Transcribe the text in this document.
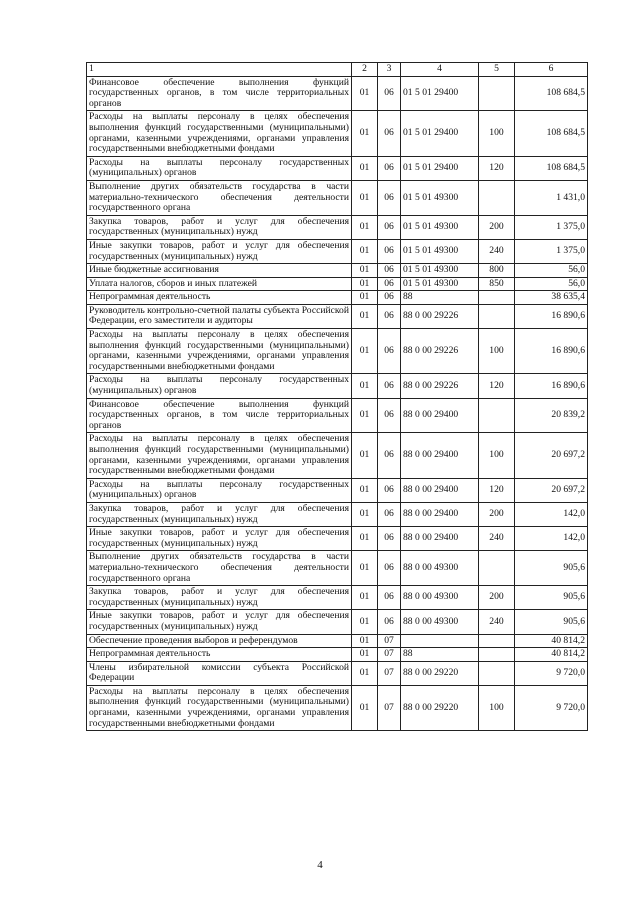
1	2	3	4	5	6
Финансовое обеспечение выполнения функций государственных органов, в том числе территориальных органов	01	06	01 5 01 29400		108 684,5
Расходы на выплаты персоналу в целях обеспечения выполнения функций государственными (муниципальными) органами, казенными учреждениями, органами управления государственными внебюджетными фондами	01	06	01 5 01 29400	100	108 684,5
Расходы на выплаты персоналу государственных (муниципальных) органов	01	06	01 5 01 29400	120	108 684,5
Выполнение других обязательств государства в части материально-технического обеспечения деятельности государственного органа	01	06	01 5 01 49300		1 431,0
Закупка товаров, работ и услуг для обеспечения государственных (муниципальных) нужд	01	06	01 5 01 49300	200	1 375,0
Иные закупки товаров, работ и услуг для обеспечения государственных (муниципальных) нужд	01	06	01 5 01 49300	240	1 375,0
Иные бюджетные ассигнования	01	06	01 5 01 49300	800	56,0
Уплата налогов, сборов и иных платежей	01	06	01 5 01 49300	850	56,0
Непрограммная деятельность	01	06	88		38 635,4
Руководитель контрольно-счетной палаты субъекта Российской Федерации, его заместители и аудиторы	01	06	88 0 00 29226		16 890,6
Расходы на выплаты персоналу в целях обеспечения выполнения функций государственными (муниципальными) органами, казенными учреждениями, органами управления государственными внебюджетными фондами	01	06	88 0 00 29226	100	16 890,6
Расходы на выплаты персоналу государственных (муниципальных) органов	01	06	88 0 00 29226	120	16 890,6
Финансовое обеспечение выполнения функций государственных органов, в том числе территориальных органов	01	06	88 0 00 29400		20 839,2
Расходы на выплаты персоналу в целях обеспечения выполнения функций государственными (муниципальными) органами, казенными учреждениями, органами управления государственными внебюджетными фондами	01	06	88 0 00 29400	100	20 697,2
Расходы на выплаты персоналу государственных (муниципальных) органов	01	06	88 0 00 29400	120	20 697,2
Закупка товаров, работ и услуг для обеспечения государственных (муниципальных) нужд	01	06	88 0 00 29400	200	142,0
Иные закупки товаров, работ и услуг для обеспечения государственных (муниципальных) нужд	01	06	88 0 00 29400	240	142,0
Выполнение других обязательств государства в части материально-технического обеспечения деятельности государственного органа	01	06	88 0 00 49300		905,6
Закупка товаров, работ и услуг для обеспечения государственных (муниципальных) нужд	01	06	88 0 00 49300	200	905,6
Иные закупки товаров, работ и услуг для обеспечения государственных (муниципальных) нужд	01	06	88 0 00 49300	240	905,6
Обеспечение проведения выборов и референдумов	01	07			40 814,2
Непрограммная деятельность	01	07	88		40 814,2
Члены избирательной комиссии субъекта Российской Федерации	01	07	88 0 00 29220		9 720,0
Расходы на выплаты персоналу в целях обеспечения выполнения функций государственными (муниципальными) органами, казенными учреждениями, органами управления государственными внебюджетными фондами	01	07	88 0 00 29220	100	9 720,0
4
